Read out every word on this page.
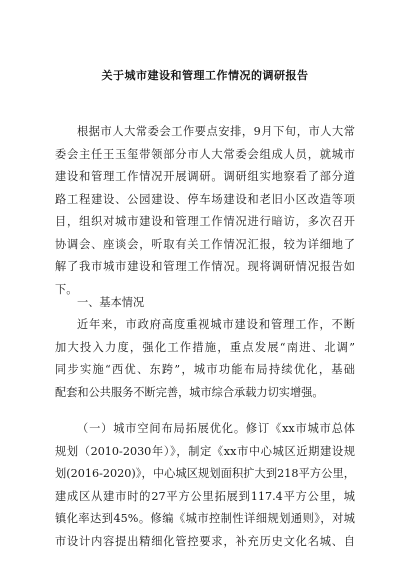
关于城市建设和管理工作情况的调研报告
根据市人大常委会工作要点安排，9月下旬，市人大常
委会主任王玉玺带领部分市人大常委会组成人员，就城市
建设和管理工作情况开展调研。调研组实地察看了部分道
路工程建设、公园建设、停车场建设和老旧小区改造等项
目，组织对城市建设和管理工作情况进行暗访，多次召开
协调会、座谈会，听取有关工作情况汇报，较为详细地了
解了我市城市建设和管理工作情况。现将调研情况报告如
下。
一、基本情况
近年来，市政府高度重视城市建设和管理工作，不断
加大投入力度，强化工作措施，重点发展“南进、北调”
同步实施“西优、东跨”，城市功能布局持续优化，基础
配套和公共服务不断完善，城市综合承载力切实增强。
（一）城市空间布局拓展优化。修订《xx市城市总体
规划（2010-2030年）》，制定《xx市中心城区近期建设规
划(2016-2020)》，中心城区规划面积扩大到218平方公里，
建成区从建市时的27平方公里拓展到117.4平方公里，城
镇化率达到45%。修编《城市控制性详细规划通则》，对城
市设计内容提出精细化管控要求，补充历史文化名城、自
